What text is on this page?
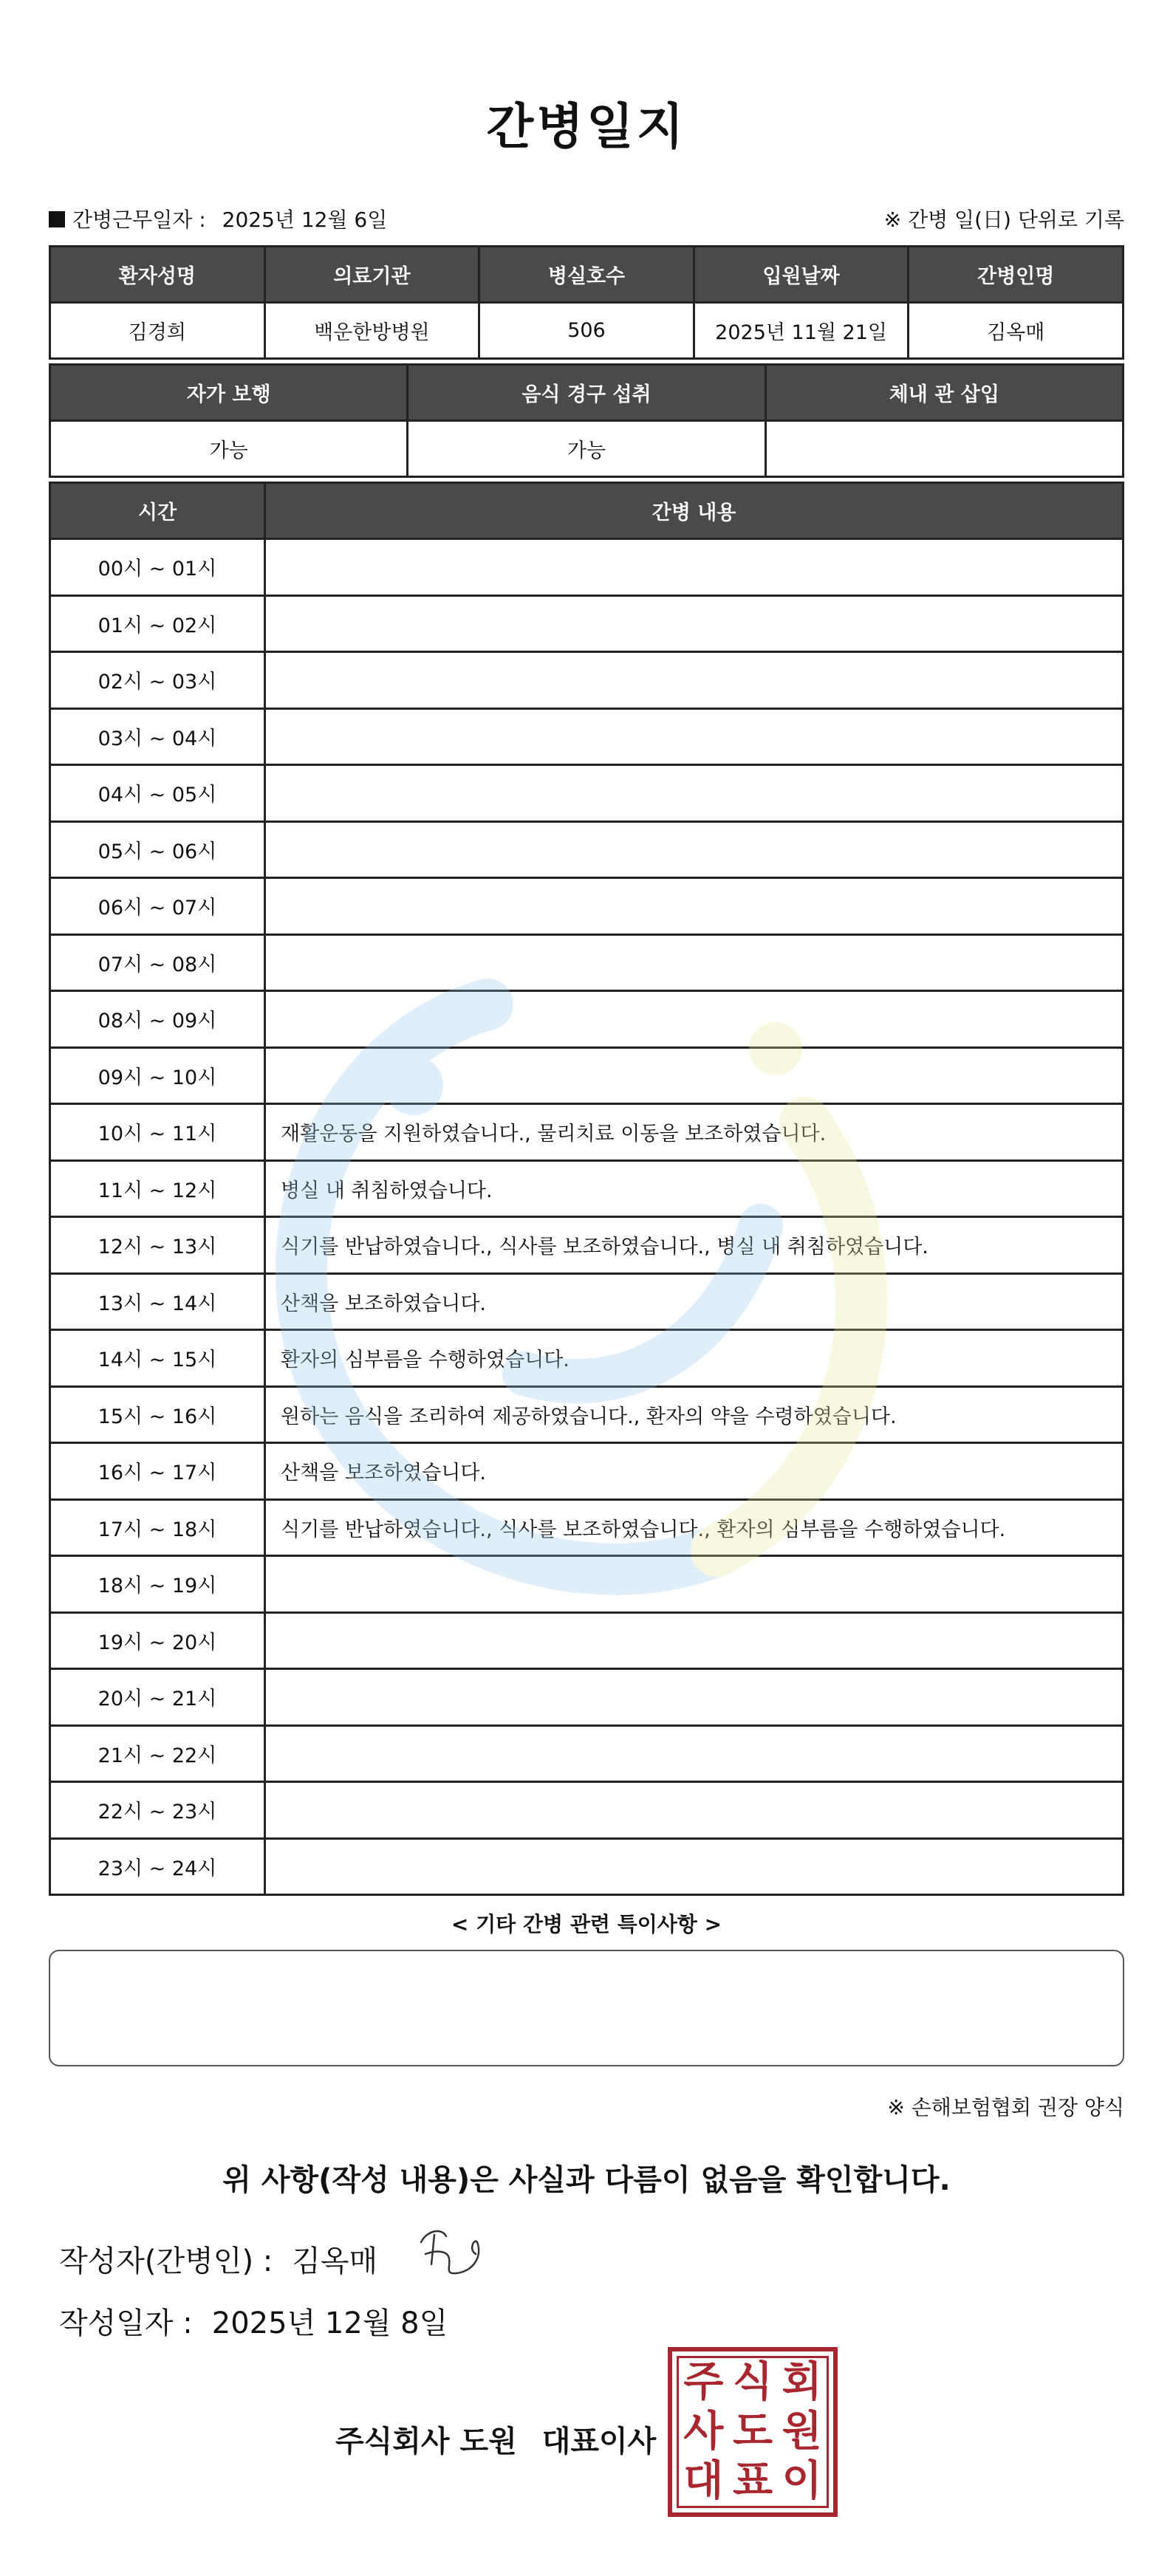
간병일지
간병근무일자 : 2025년 12월 6일	※ 간병 일(日) 단위로 기록
환자성명	의료기관	병실호수	입원날짜	간병인명
김경희	백운한방병원	506	2025년 11월 21일	김옥매
자가 보행	음식 경구 섭취	체내 관 삽입
가능	가능	
시간	간병 내용
00시 ~ 01시	
01시 ~ 02시	
02시 ~ 03시	
03시 ~ 04시	
04시 ~ 05시	
05시 ~ 06시	
06시 ~ 07시	
07시 ~ 08시	
08시 ~ 09시	
09시 ~ 10시	
10시 ~ 11시	재활운동을 지원하였습니다., 물리치료 이동을 보조하였습니다.
11시 ~ 12시	병실 내 취침하였습니다.
12시 ~ 13시	식기를 반납하였습니다., 식사를 보조하였습니다., 병실 내 취침하였습니다.
13시 ~ 14시	산책을 보조하였습니다.
14시 ~ 15시	환자의 심부름을 수행하였습니다.
15시 ~ 16시	원하는 음식을 조리하여 제공하였습니다., 환자의 약을 수령하였습니다.
16시 ~ 17시	산책을 보조하였습니다.
17시 ~ 18시	식기를 반납하였습니다., 식사를 보조하였습니다., 환자의 심부름을 수행하였습니다.
18시 ~ 19시	
19시 ~ 20시	
20시 ~ 21시	
21시 ~ 22시	
22시 ~ 23시	
23시 ~ 24시	
< 기타 간병 관련 특이사항 >
※ 손해보험협회 권장 양식
위 사항(작성 내용)은 사실과 다름이 없음을 확인합니다.
작성자(간병인) : 김옥매
작성일자 : 2025년 12월 8일
주식회사 도원 대표이사
주 식 회
사 도 원
대 표 이
